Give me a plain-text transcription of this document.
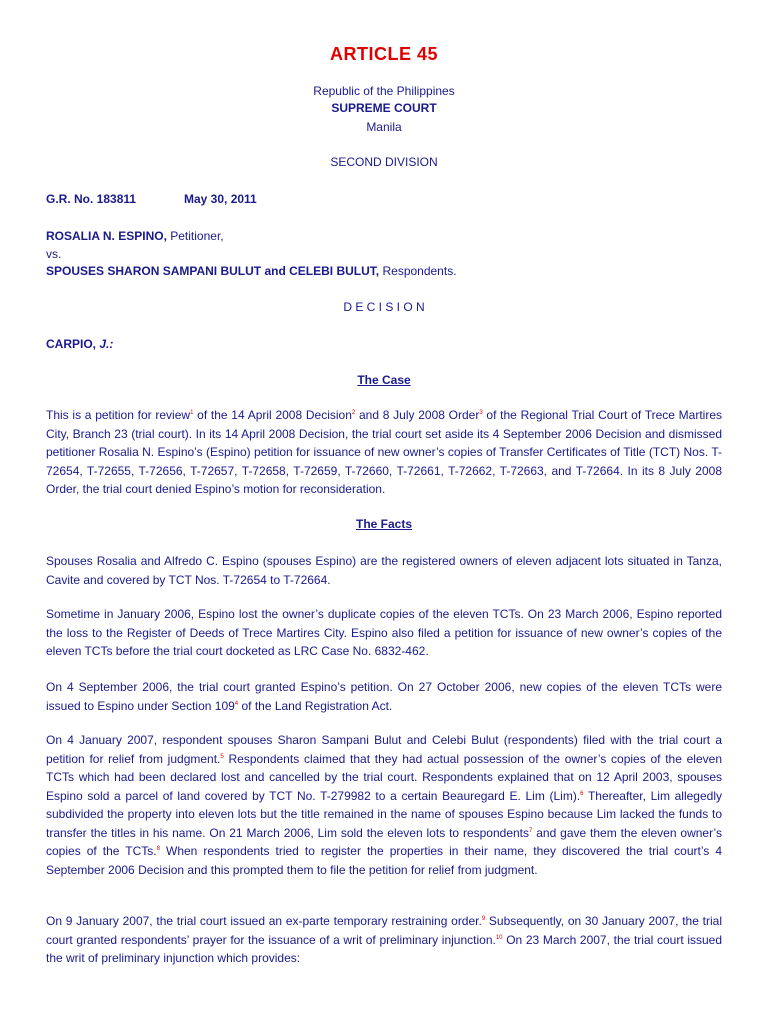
ARTICLE 45
Republic of the Philippines
SUPREME COURT
Manila
SECOND DIVISION
G.R. No. 183811	May 30, 2011
ROSALIA N. ESPINO, Petitioner,
vs.
SPOUSES SHARON SAMPANI BULUT and CELEBI BULUT, Respondents.
D E C I S I O N
CARPIO, J.:
The Case

This is a petition for review$^1$ of the 14 April 2008 Decision$^2$ and 8 July 2008 Order$^3$ of the Regional Trial Court of Trece Martires City, Branch 23 (trial court). In its 14 April 2008 Decision, the trial court set aside its 4 September 2006 Decision and dismissed petitioner Rosalia N. Espino’s (Espino) petition for issuance of new owner’s copies of Transfer Certificates of Title (TCT) Nos. T-72654, T-72655, T-72656, T-72657, T-72658, T-72659, T-72660, T-72661, T-72662, T-72663, and T-72664. In its 8 July 2008 Order, the trial court denied Espino’s motion for reconsideration.

The Facts

Spouses Rosalia and Alfredo C. Espino (spouses Espino) are the registered owners of eleven adjacent lots situated in Tanza, Cavite and covered by TCT Nos. T-72654 to T-72664.

Sometime in January 2006, Espino lost the owner’s duplicate copies of the eleven TCTs. On 23 March 2006, Espino reported the loss to the Register of Deeds of Trece Martires City. Espino also filed a petition for issuance of new owner’s copies of the eleven TCTs before the trial court docketed as LRC Case No. 6832-462.

On 4 September 2006, the trial court granted Espino’s petition. On 27 October 2006, new copies of the eleven TCTs were issued to Espino under Section $109^4$ of the Land Registration Act.

On 4 January 2007, respondent spouses Sharon Sampani Bulut and Celebi Bulut (respondents) filed with the trial court a petition for relief from judgment.$^5$ Respondents claimed that they had actual possession of the owner’s copies of the eleven TCTs which had been declared lost and cancelled by the trial court. Respondents explained that on 12 April 2003, spouses Espino sold a parcel of land covered by TCT No. T-279982 to a certain Beauregard E. Lim (Lim).$^6$ Thereafter, Lim allegedly subdivided the property into eleven lots but the title remained in the name of spouses Espino because Lim lacked the funds to transfer the titles in his name. On 21 March 2006, Lim sold the eleven lots to respondents$^7$ and gave them the eleven owner’s copies of the TCTs.$^8$ When respondents tried to register the properties in their name, they discovered the trial court’s 4 September 2006 Decision and this prompted them to file the petition for relief from judgment.

On 9 January 2007, the trial court issued an ex-parte temporary restraining order.$^9$ Subsequently, on 30 January 2007, the trial court granted respondents’ prayer for the issuance of a writ of preliminary injunction.$^{10}$ On 23 March 2007, the trial court issued the writ of preliminary injunction which provides:
